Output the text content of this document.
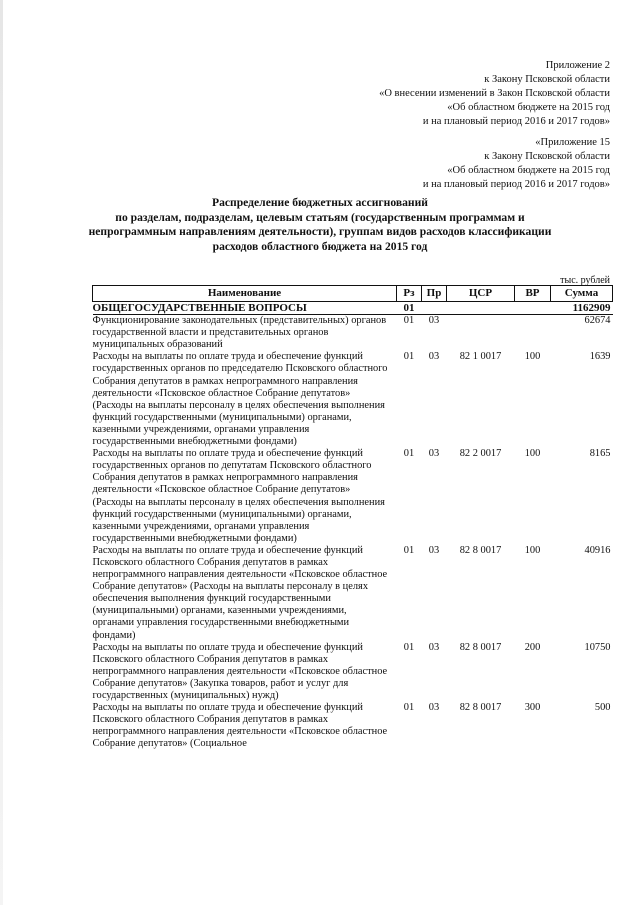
Приложение 2
к Закону Псковской области
«О внесении изменений в Закон Псковской области
«Об областном бюджете на 2015 год
и на плановый период 2016 и 2017 годов»
«Приложение 15
к Закону Псковской области
«Об областном бюджете на 2015 год
и на плановый период 2016 и 2017 годов»
Распределение бюджетных ассигнований
по разделам, подразделам, целевым статьям (государственным программам и
непрограммным направлениям деятельности), группам видов расходов классификации
расходов областного бюджета на 2015 год
тыс. рублей
Наименование	Рз	Пр	ЦСР	ВР	Сумма
ОБЩЕГОСУДАРСТВЕННЫЕ ВОПРОСЫ	01				1162909
Функционирование законодательных (представительных) органов государственной власти и представительных органов муниципальных образований	01	03			62674
Расходы на выплаты по оплате труда и обеспечение функций государственных органов по председателю Псковского областного Собрания депутатов в рамках непрограммного направления деятельности «Псковское областное Собрание депутатов» (Расходы на выплаты персоналу в целях обеспечения выполнения функций государственными (муниципальными) органами, казенными учреждениями, органами управления государственными внебюджетными фондами)	01	03	82 1 0017	100	1639
Расходы на выплаты по оплате труда и обеспечение функций государственных органов по депутатам Псковского областного Собрания депутатов в рамках непрограммного направления деятельности «Псковское областное Собрание депутатов» (Расходы на выплаты персоналу в целях обеспечения выполнения функций государственными (муниципальными) органами, казенными учреждениями, органами управления государственными внебюджетными фондами)	01	03	82 2 0017	100	8165
Расходы на выплаты по оплате труда и обеспечение функций Псковского областного Собрания депутатов в рамках непрограммного направления деятельности «Псковское областное Собрание депутатов» (Расходы на выплаты персоналу в целях обеспечения выполнения функций государственными (муниципальными) органами, казенными учреждениями, органами управления государственными внебюджетными фондами)	01	03	82 8 0017	100	40916
Расходы на выплаты по оплате труда и обеспечение функций Псковского областного Собрания депутатов в рамках непрограммного направления деятельности «Псковское областное Собрание депутатов» (Закупка товаров, работ и услуг для государственных (муниципальных) нужд)	01	03	82 8 0017	200	10750
Расходы на выплаты по оплате труда и обеспечение функций Псковского областного Собрания депутатов в рамках непрограммного направления деятельности «Псковское областное Собрание депутатов» (Социальное	01	03	82 8 0017	300	500
